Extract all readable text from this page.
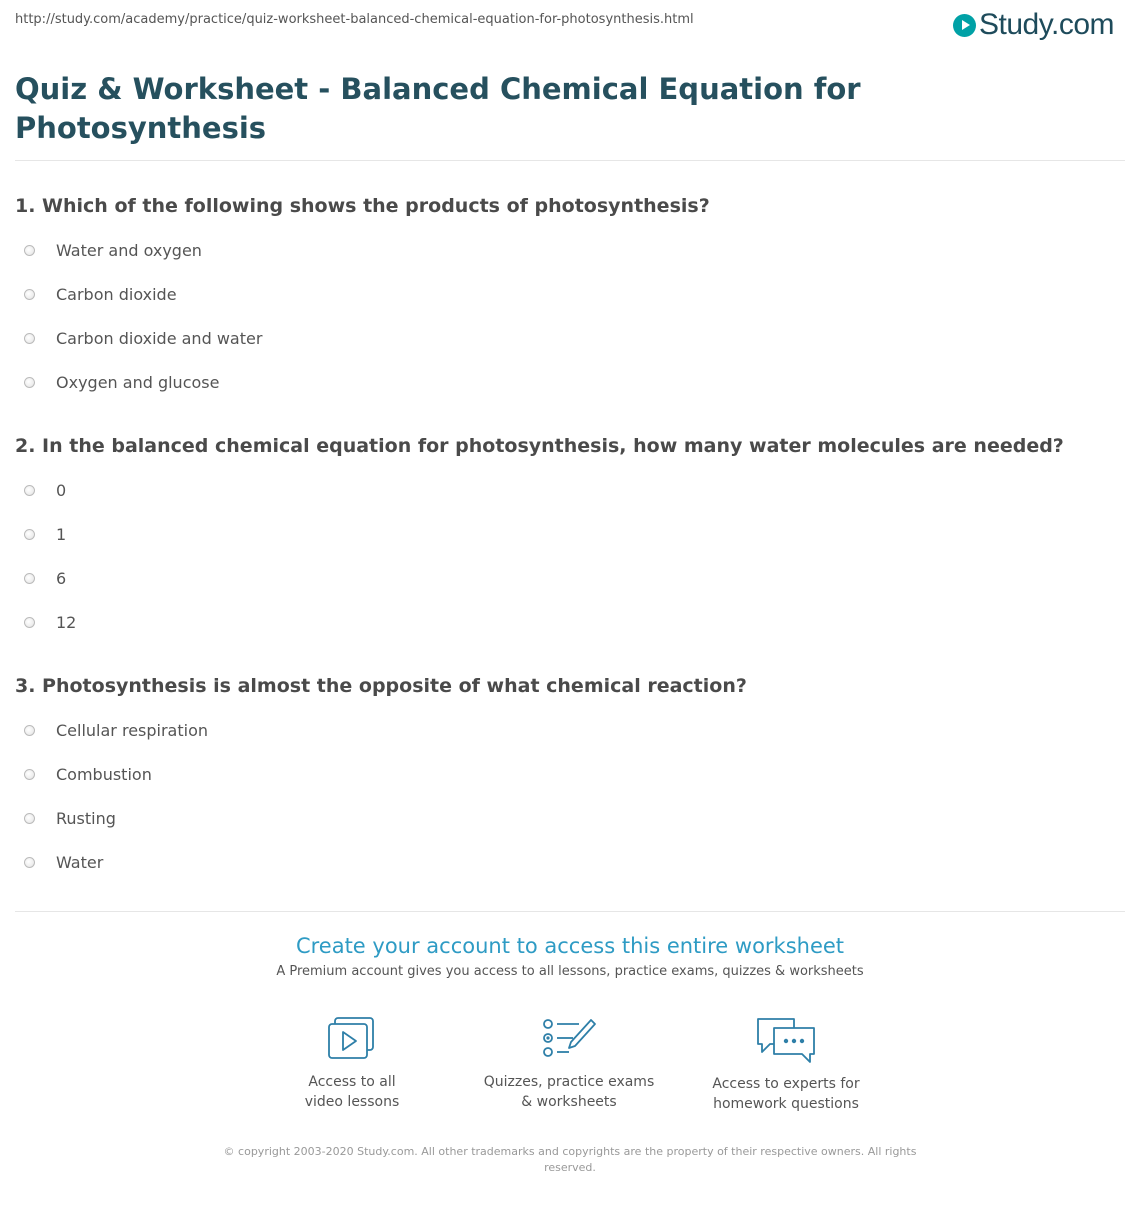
http://study.com/academy/practice/quiz-worksheet-balanced-chemical-equation-for-photosynthesis.html	Study.com
Quiz & Worksheet - Balanced Chemical Equation for Photosynthesis
1. Which of the following shows the products of photosynthesis?
Water and oxygen
Carbon dioxide
Carbon dioxide and water
Oxygen and glucose
2. In the balanced chemical equation for photosynthesis, how many water molecules are needed?
0
1
6
12
3. Photosynthesis is almost the opposite of what chemical reaction?
Cellular respiration
Combustion
Rusting
Water
Create your account to access this entire worksheet
A Premium account gives you access to all lessons, practice exams, quizzes & worksheets
Access to all
video lessons
Quizzes, practice exams
& worksheets
Access to experts for
homework questions
© copyright 2003-2020 Study.com. All other trademarks and copyrights are the property of their respective owners. All rights reserved.
